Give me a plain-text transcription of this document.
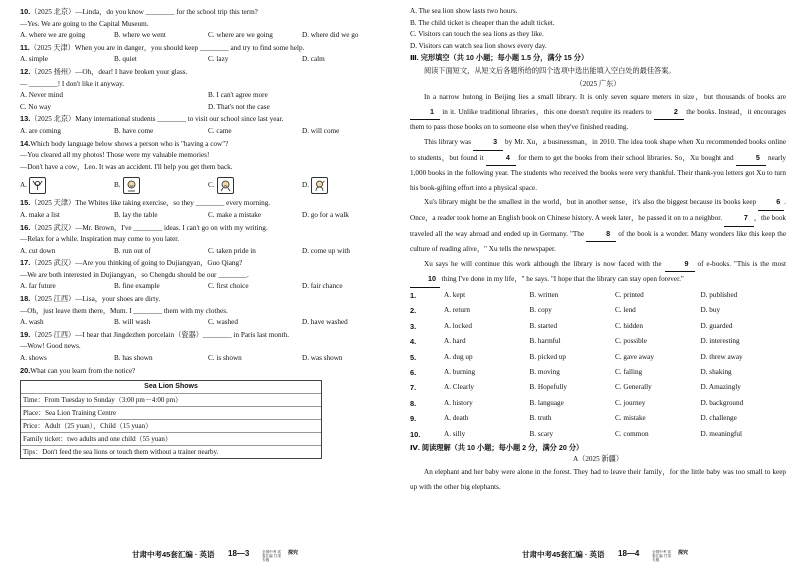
10.（2025 北京）—Linda，do you know ________ for the school trip this term?
—Yes. We are going to the Capital Museum.
A. where we are going	B. where we went	C. where are we going	D. where did we go
11.（2025 天津）When you are in danger，you should keep ________ and try to find some help.
A. simple	B. quiet	C. lazy	D. calm
12.（2025 扬州）—Oh，dear! I have broken your glass.
— ________! I don't like it anyway.
A. Never mind	B. I can't agree more
C. No way	D. That's not the case
13.（2025 北京）Many international students ________ to visit our school since last year.
A. are coming	B. have come	C. came	D. will come
14.Which body language below shows a person who is "having a cow"?
—You cleared all my photos! Those were my valuable memories!
—Don't have a cow，Leo. It was an accident. I'll help you get them back.
A.	B.	C.	D.
15.（2025 天津）The Whites like taking exercise，so they ________ every morning.
A. make a list	B. lay the table	C. make a mistake	D. go for a walk
16.（2025 武汉）—Mr. Brown，I've ________ ideas. I can't go on with my writing.
—Relax for a while. Inspiration may come to you later.
A. cut down	B. run out of	C. taken pride in	D. come up with
17.（2025 武汉）—Are you thinking of going to Dujiangyan，Guo Qiang?
—We are both interested in Dujiangyan，so Chengdu should be our ________.
A. far future	B. fine example	C. first choice	D. fair chance
18.（2025 江西）—Lisa，your shoes are dirty.
—Oh，just leave them there，Mum. I ________ them with my clothes.
A. wash	B. will wash	C. washed	D. have washed
19.（2025 江西）—I hear that Jingdezhen porcelain（瓷器）________ in Paris last month.
—Wow! Good news.
A. shows	B. has shown	C. is shown	D. was shown
20.What can you learn from the notice?
Sea Lion Shows
Time：From Tuesday to Sunday（3:00 pm－4:00 pm）
Place：Sea Lion Training Centre
Price：Adult（25 yuan），Child（15 yuan）
Family ticket：two adults and one child（55 yuan）
Tips：Don't feed the sea lions or touch them without a trainer nearby.
甘肃中考45套汇编 · 英语 18—3	全国中考 试卷汇编 甘肃专版
探究
A. The sea lion show lasts two hours.
B. The child ticket is cheaper than the adult ticket.
C. Visitors can touch the sea lions as they like.
D. Visitors can watch sea lion shows every day.
Ⅲ. 完形填空（共 10 小题；每小题 1.5 分，满分 15 分）
阅读下面短文，从短文后各题所给的四个选项中选出能填入空白处的最佳答案。
（2025 广东）
In a narrow hutong in Beijing lies a small library. It is only seven square meters in size，but thousands of books are 1 in it. Unlike traditional libraries，this one doesn't require its readers to	2 the books. Instead，it encourages them to pass those books on to someone else when they've finished reading.
This library was	3 by Mr. Xu，a businessman，in 2010. The idea took shape when Xu recommended books online to students，but found it	4 for them to get the books from their school libraries. So，Xu bought and	5 nearly 1,000 books in the following year. The students who received the books were very thankful. Their thank-you letters got Xu to turn his book-gifting effort into a physical space.
Xu's library might be the smallest in the world，but in another sense，it's also the biggest because its books keep	6 . Once，a reader took home an English book on Chinese history. A week later，he passed it on to a neighbor.	7 ，the book traveled all the way abroad and ended up in Germany. "The	8 of the book is a wonder. Many wonders like this keep the culture of reading alive，" Xu tells the newspaper.
Xu says he will continue this work although the library is now faced with the	9 of e-books. "This is the most 10 thing I've done in my life，" he says. "I hope that the library can stay open forever."
1.	A. kept	B. written	C. printed	D. published
2.	A. return	B. copy	C. lend	D. buy
3.	A. locked	B. started	C. hidden	D. guarded
4.	A. hard	B. harmful	C. possible	D. interesting
5.	A. dug up	B. picked up	C. gave away	D. threw away
6.	A. burning	B. moving	C. falling	D. shaking
7.	A. Clearly	B. Hopefully	C. Generally	D. Amazingly
8.	A. history	B. language	C. journey	D. background
9.	A. death	B. truth	C. mistake	D. challenge
10.	A. silly	B. scary	C. common	D. meaningful
Ⅳ. 阅读理解（共 10 小题；每小题 2 分，满分 20 分）
A（2025 新疆）
An elephant and her baby were alone in the forest. They had to leave their family，for the little baby was too small to keep up with the other big elephants.
甘肃中考45套汇编 · 英语 18—4	全国中考 试卷汇编 甘肃专版
探究
